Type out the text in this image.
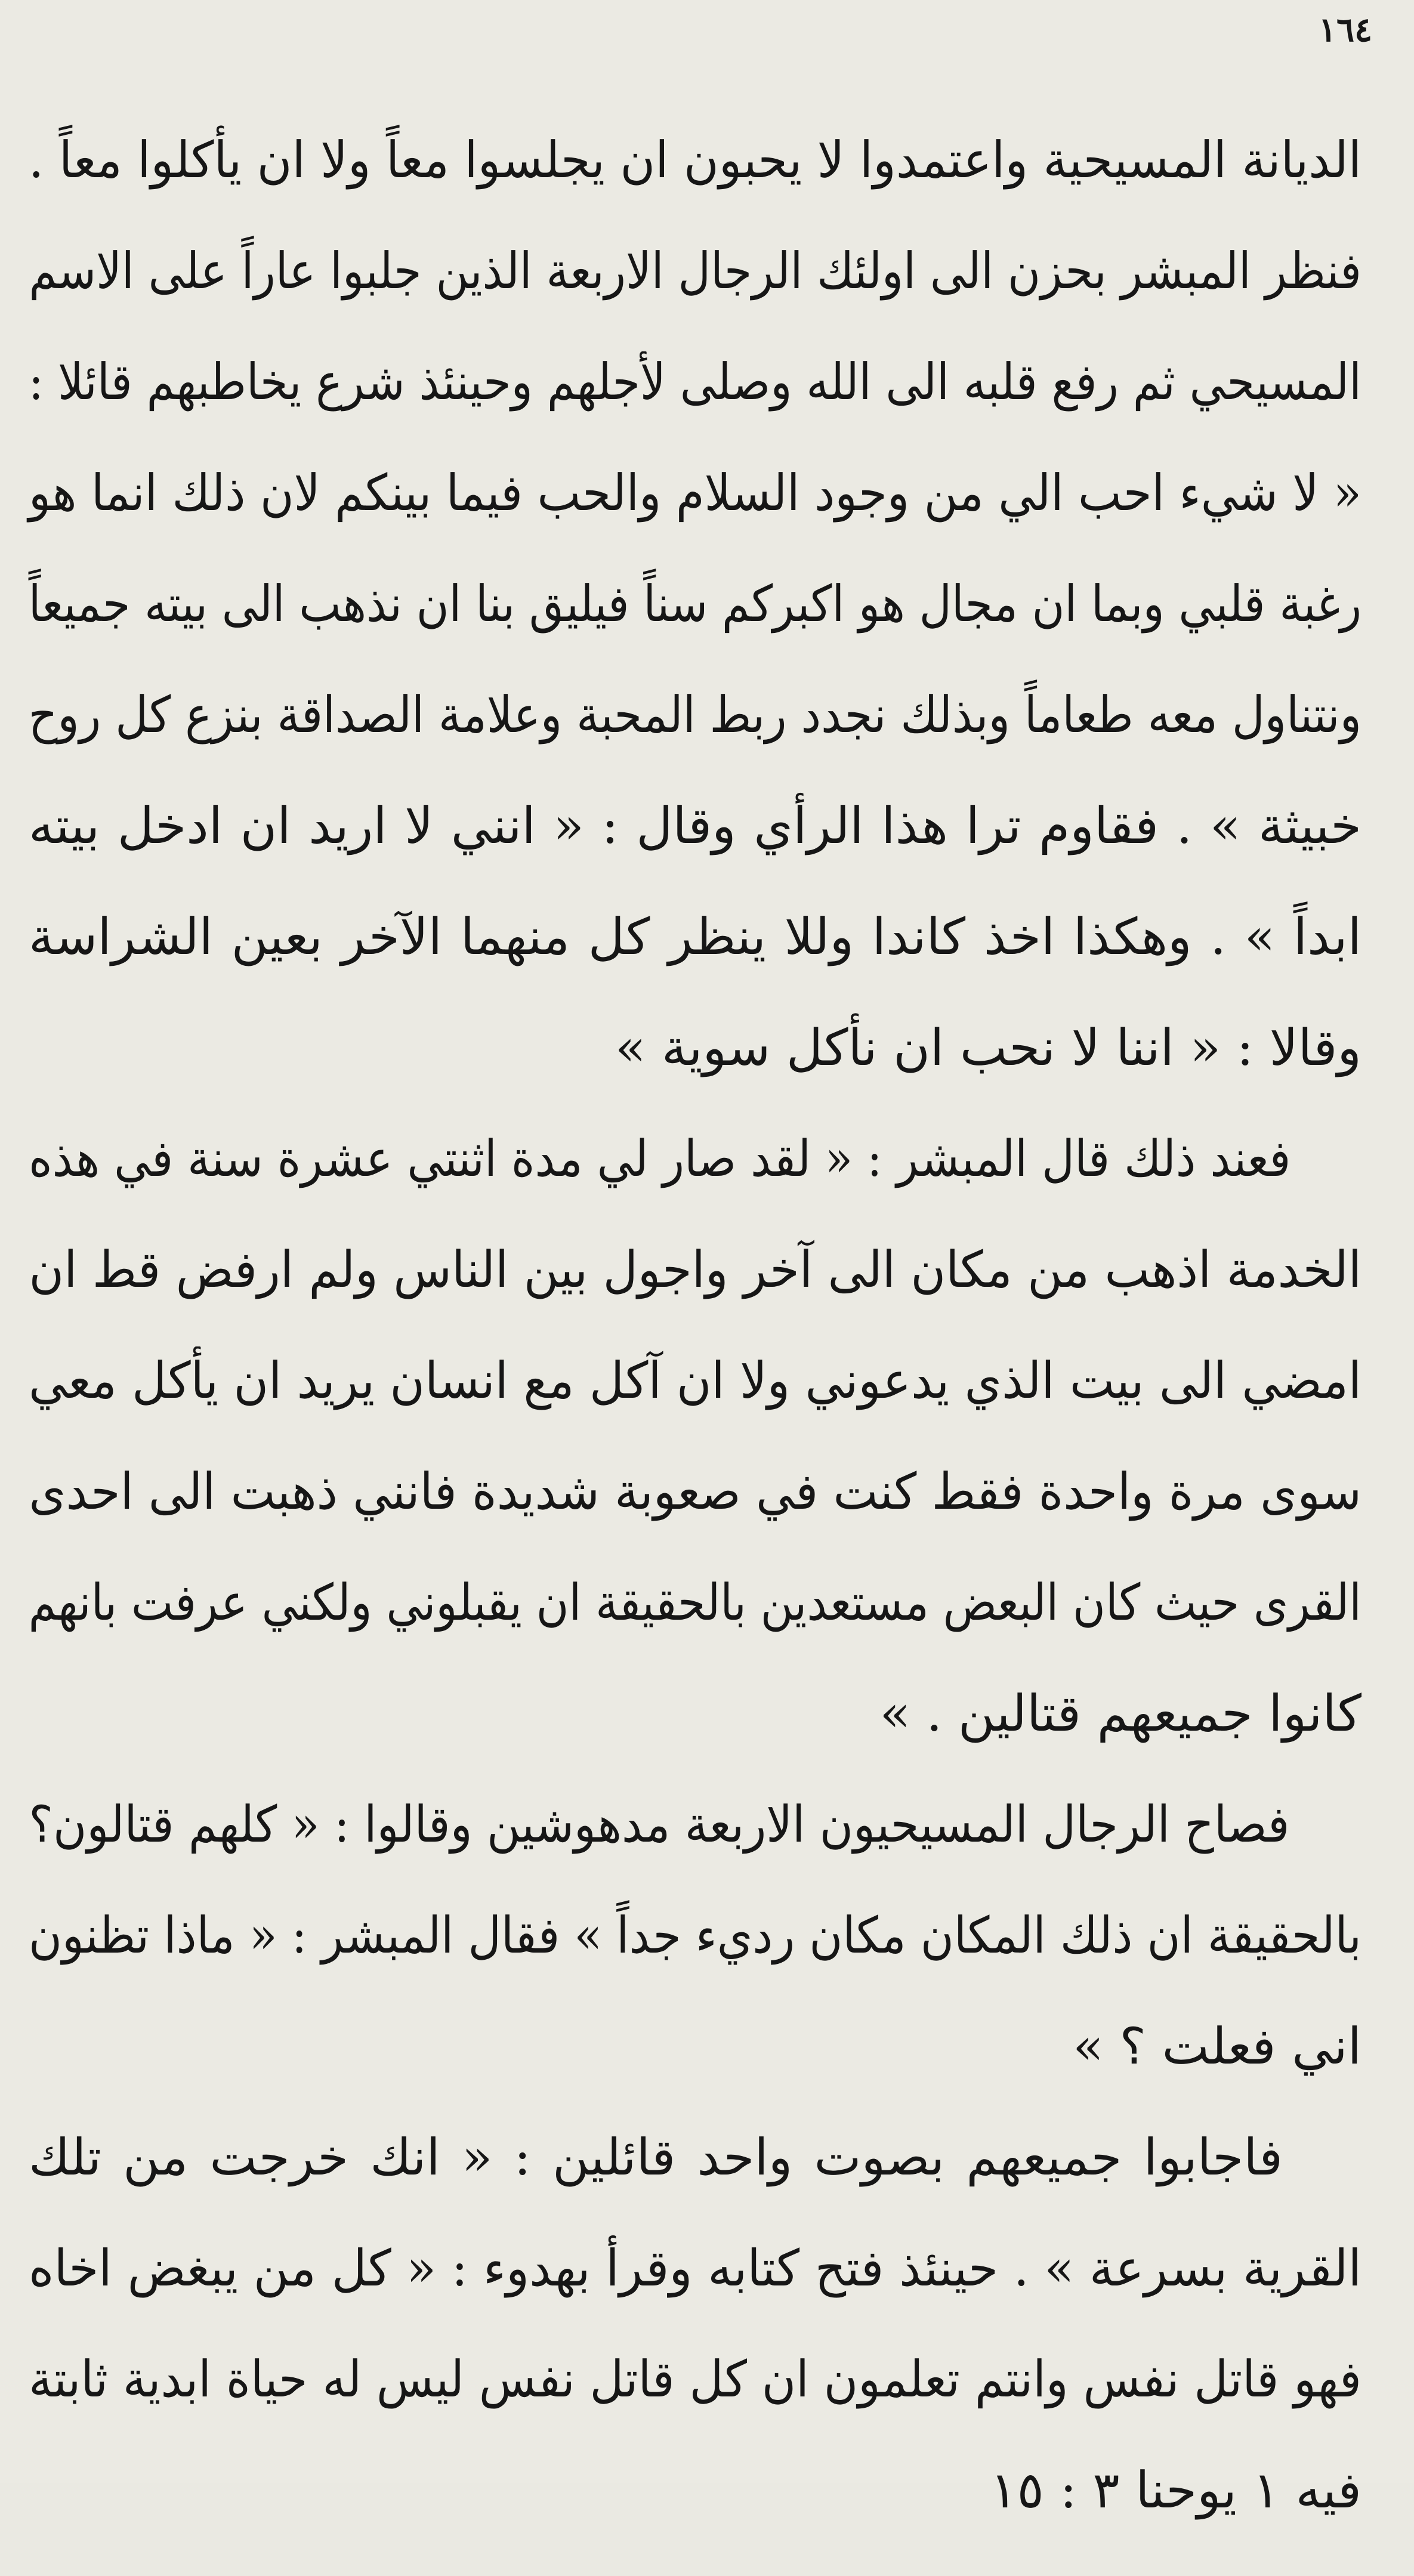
١٦٤
الديانة المسيحية واعتمدوا لا يحبون ان يجلسوا معاً ولا ان يأكلوا معاً .
فنظر المبشر بحزن الى اولئك الرجال الاربعة الذين جلبوا عاراً على الاسم
المسيحي ثم رفع قلبه الى الله وصلى لأجلهم وحينئذ شرع يخاطبهم قائلا :
« لا شيء احب الي من وجود السلام والحب فيما بينكم لان ذلك انما هو
رغبة قلبي وبما ان مجال هو اكبركم سناً فيليق بنا ان نذهب الى بيته جميعاً
ونتناول معه طعاماً وبذلك نجدد ربط المحبة وعلامة الصداقة بنزع كل روح
خبيثة » . فقاوم ترا هذا الرأي وقال : « انني لا اريد ان ادخل بيته
ابداً » . وهكذا اخذ كاندا وللا ينظر كل منهما الآخر بعين الشراسة
وقالا : « اننا لا نحب ان نأكل سوية »
فعند ذلك قال المبشر : « لقد صار لي مدة اثنتي عشرة سنة في هذه
الخدمة اذهب من مكان الى آخر واجول بين الناس ولم ارفض قط ان
امضي الى بيت الذي يدعوني ولا ان آكل مع انسان يريد ان يأكل معي
سوى مرة واحدة فقط كنت في صعوبة شديدة فانني ذهبت الى احدى
القرى حيث كان البعض مستعدين بالحقيقة ان يقبلوني ولكني عرفت بانهم
كانوا جميعهم قتالين . »
فصاح الرجال المسيحيون الاربعة مدهوشين وقالوا : « كلهم قتالون؟
بالحقيقة ان ذلك المكان مكان رديء جداً » فقال المبشر : « ماذا تظنون
اني فعلت ؟ »
فاجابوا جميعهم بصوت واحد قائلين : « انك خرجت من تلك
القرية بسرعة » . حينئذ فتح كتابه وقرأ بهدوء : « كل من يبغض اخاه
فهو قاتل نفس وانتم تعلمون ان كل قاتل نفس ليس له حياة ابدية ثابتة
فيه ١ يوحنا ٣ : ١٥
